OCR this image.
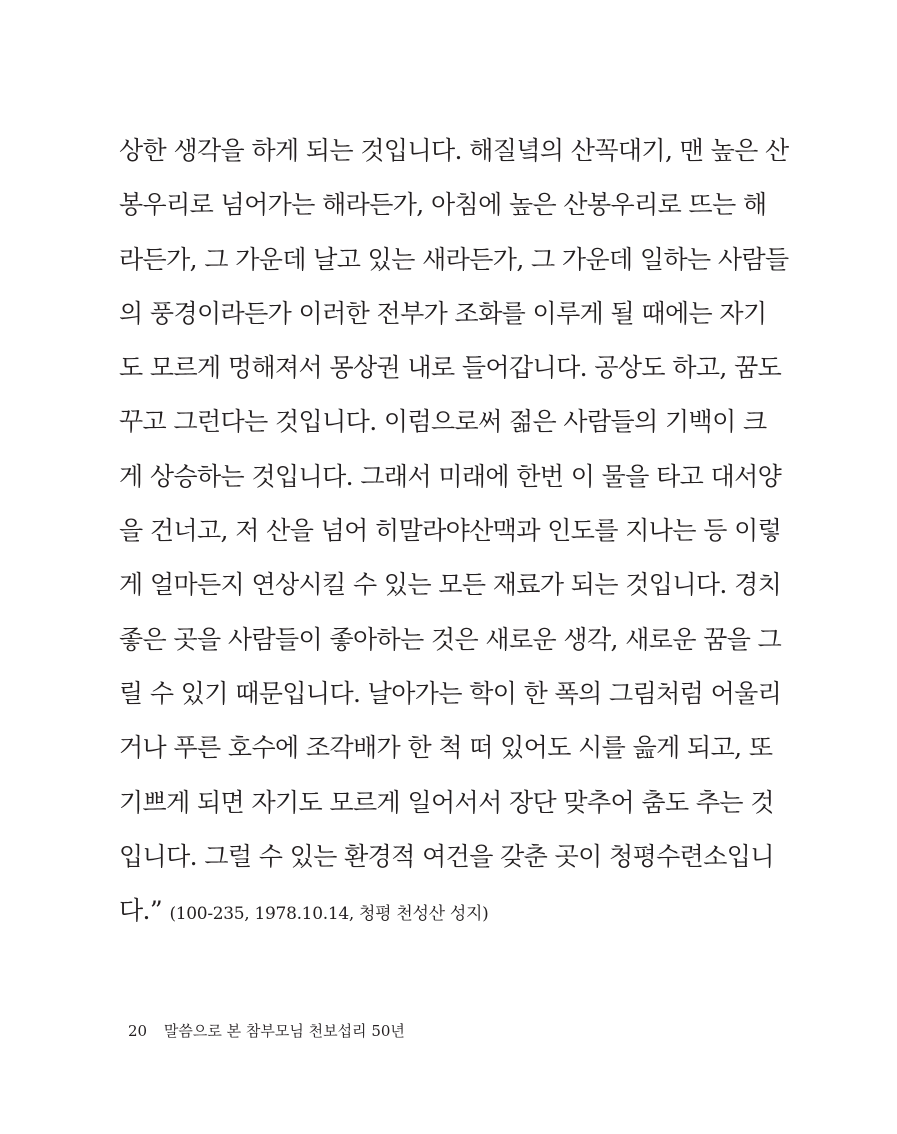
상한 생각을 하게 되는 것입니다. 해질녘의 산꼭대기, 맨 높은 산
봉우리로 넘어가는 해라든가, 아침에 높은 산봉우리로 뜨는 해
라든가, 그 가운데 날고 있는 새라든가, 그 가운데 일하는 사람들
의 풍경이라든가 이러한 전부가 조화를 이루게 될 때에는 자기
도 모르게 멍해져서 몽상권 내로 들어갑니다. 공상도 하고, 꿈도
꾸고 그런다는 것입니다. 이럼으로써 젊은 사람들의 기백이 크
게 상승하는 것입니다. 그래서 미래에 한번 이 물을 타고 대서양
을 건너고, 저 산을 넘어 히말라야산맥과 인도를 지나는 등 이렇
게 얼마든지 연상시킬 수 있는 모든 재료가 되는 것입니다. 경치
좋은 곳을 사람들이 좋아하는 것은 새로운 생각, 새로운 꿈을 그
릴 수 있기 때문입니다. 날아가는 학이 한 폭의 그림처럼 어울리
거나 푸른 호수에 조각배가 한 척 떠 있어도 시를 읊게 되고, 또
기쁘게 되면 자기도 모르게 일어서서 장단 맞추어 춤도 추는 것
입니다. 그럴 수 있는 환경적 여건을 갖춘 곳이 청평수련소입니
다.” (100-235, 1978.10.14, 청평 천성산 성지)
20 말씀으로 본 참부모님 천보섭리 50년
